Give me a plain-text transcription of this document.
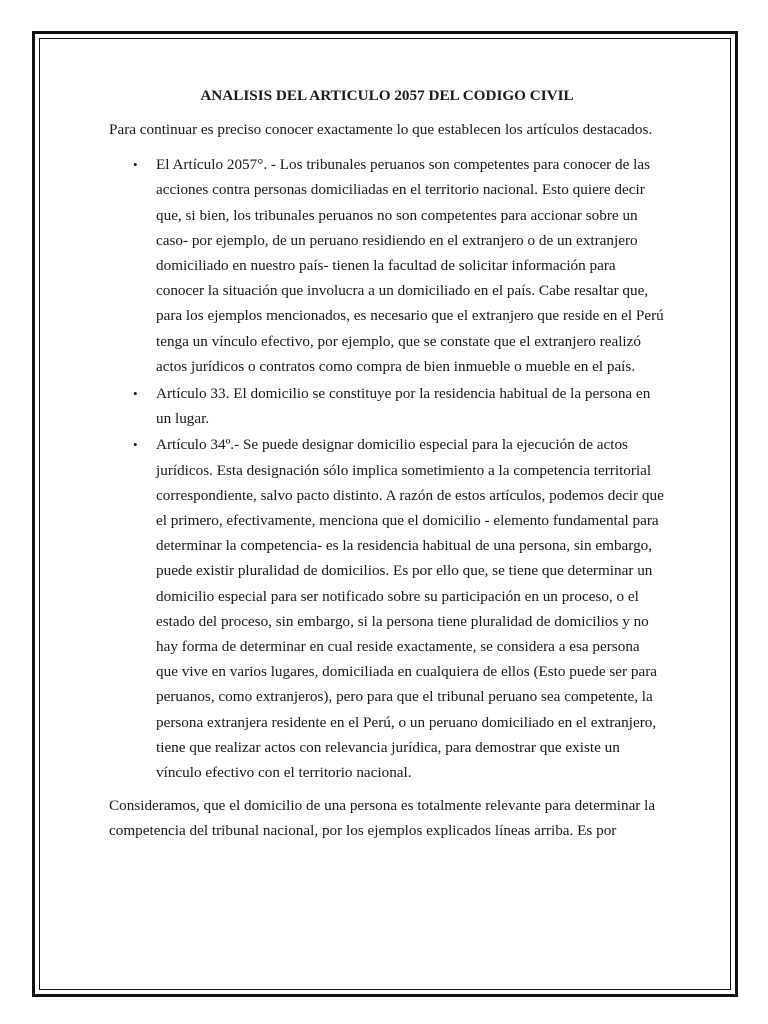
ANALISIS DEL ARTICULO 2057 DEL CODIGO CIVIL

Para continuar es preciso conocer exactamente lo que establecen los artículos destacados.

• El Artículo 2057°. - Los tribunales peruanos son competentes para conocer de las acciones contra personas domiciliadas en el territorio nacional. Esto quiere decir que, si bien, los tribunales peruanos no son competentes para accionar sobre un caso- por ejemplo, de un peruano residiendo en el extranjero o de un extranjero domiciliado en nuestro país- tienen la facultad de solicitar información para conocer la situación que involucra a un domiciliado en el país. Cabe resaltar que, para los ejemplos mencionados, es necesario que el extranjero que reside en el Perú tenga un vínculo efectivo, por ejemplo, que se constate que el extranjero realizó actos jurídicos o contratos como compra de bien inmueble o mueble en el país.
• Artículo 33. El domicilio se constituye por la residencia habitual de la persona en un lugar.
• Artículo 34º.- Se puede designar domicilio especial para la ejecución de actos jurídicos. Esta designación sólo implica sometimiento a la competencia territorial correspondiente, salvo pacto distinto. A razón de estos artículos, podemos decir que el primero, efectivamente, menciona que el domicilio - elemento fundamental para determinar la competencia- es la residencia habitual de una persona, sin embargo, puede existir pluralidad de domicilios. Es por ello que, se tiene que determinar un domicilio especial para ser notificado sobre su participación en un proceso, o el estado del proceso, sin embargo, si la persona tiene pluralidad de domicilios y no hay forma de determinar en cual reside exactamente, se considera a esa persona que vive en varios lugares, domiciliada en cualquiera de ellos (Esto puede ser para peruanos, como extranjeros), pero para que el tribunal peruano sea competente, la persona extranjera residente en el Perú, o un peruano domiciliado en el extranjero, tiene que realizar actos con relevancia jurídica, para demostrar que existe un vínculo efectivo con el territorio nacional.

Consideramos, que el domicilio de una persona es totalmente relevante para determinar la competencia del tribunal nacional, por los ejemplos explicados líneas arriba. Es por
